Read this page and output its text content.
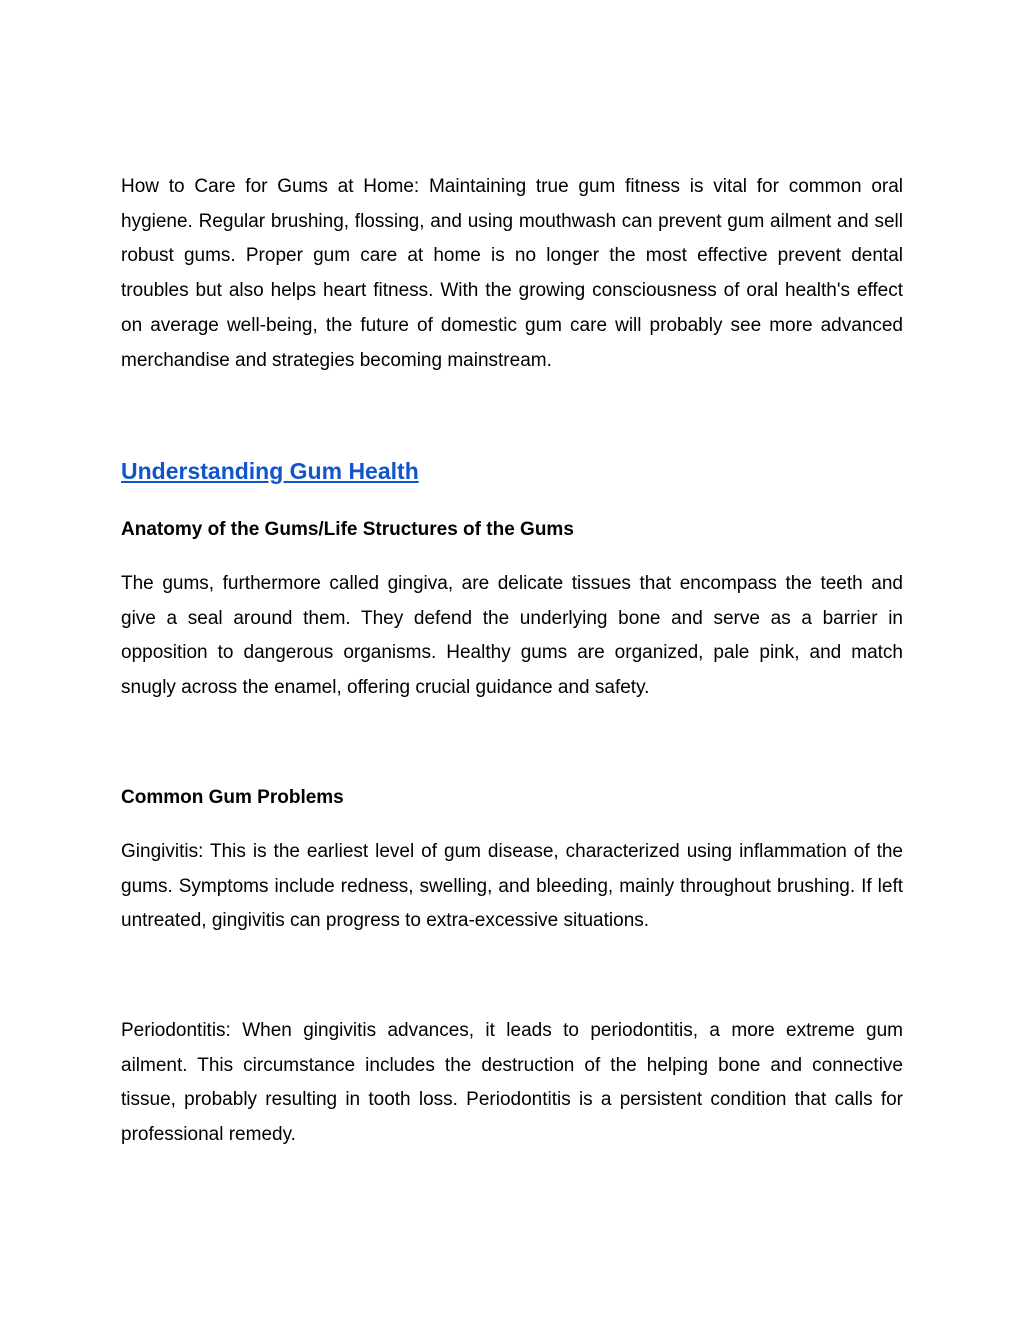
How to Care for Gums at Home: Maintaining true gum fitness is vital for common oral hygiene. Regular brushing, flossing, and using mouthwash can prevent gum ailment and sell robust gums. Proper gum care at home is no longer the most effective prevent dental troubles but also helps heart fitness. With the growing consciousness of oral health's effect on average well-being, the future of domestic gum care will probably see more advanced merchandise and strategies becoming mainstream.

Understanding Gum Health
Anatomy of the Gums/Life Structures of the Gums

The gums, furthermore called gingiva, are delicate tissues that encompass the teeth and give a seal around them. They defend the underlying bone and serve as a barrier in opposition to dangerous organisms. Healthy gums are organized, pale pink, and match snugly across the enamel, offering crucial guidance and safety.

Common Gum Problems

Gingivitis: This is the earliest level of gum disease, characterized using inflammation of the gums. Symptoms include redness, swelling, and bleeding, mainly throughout brushing. If left untreated, gingivitis can progress to extra-excessive situations.

Periodontitis: When gingivitis advances, it leads to periodontitis, a more extreme gum ailment. This circumstance includes the destruction of the helping bone and connective tissue, probably resulting in tooth loss. Periodontitis is a persistent condition that calls for professional remedy.
